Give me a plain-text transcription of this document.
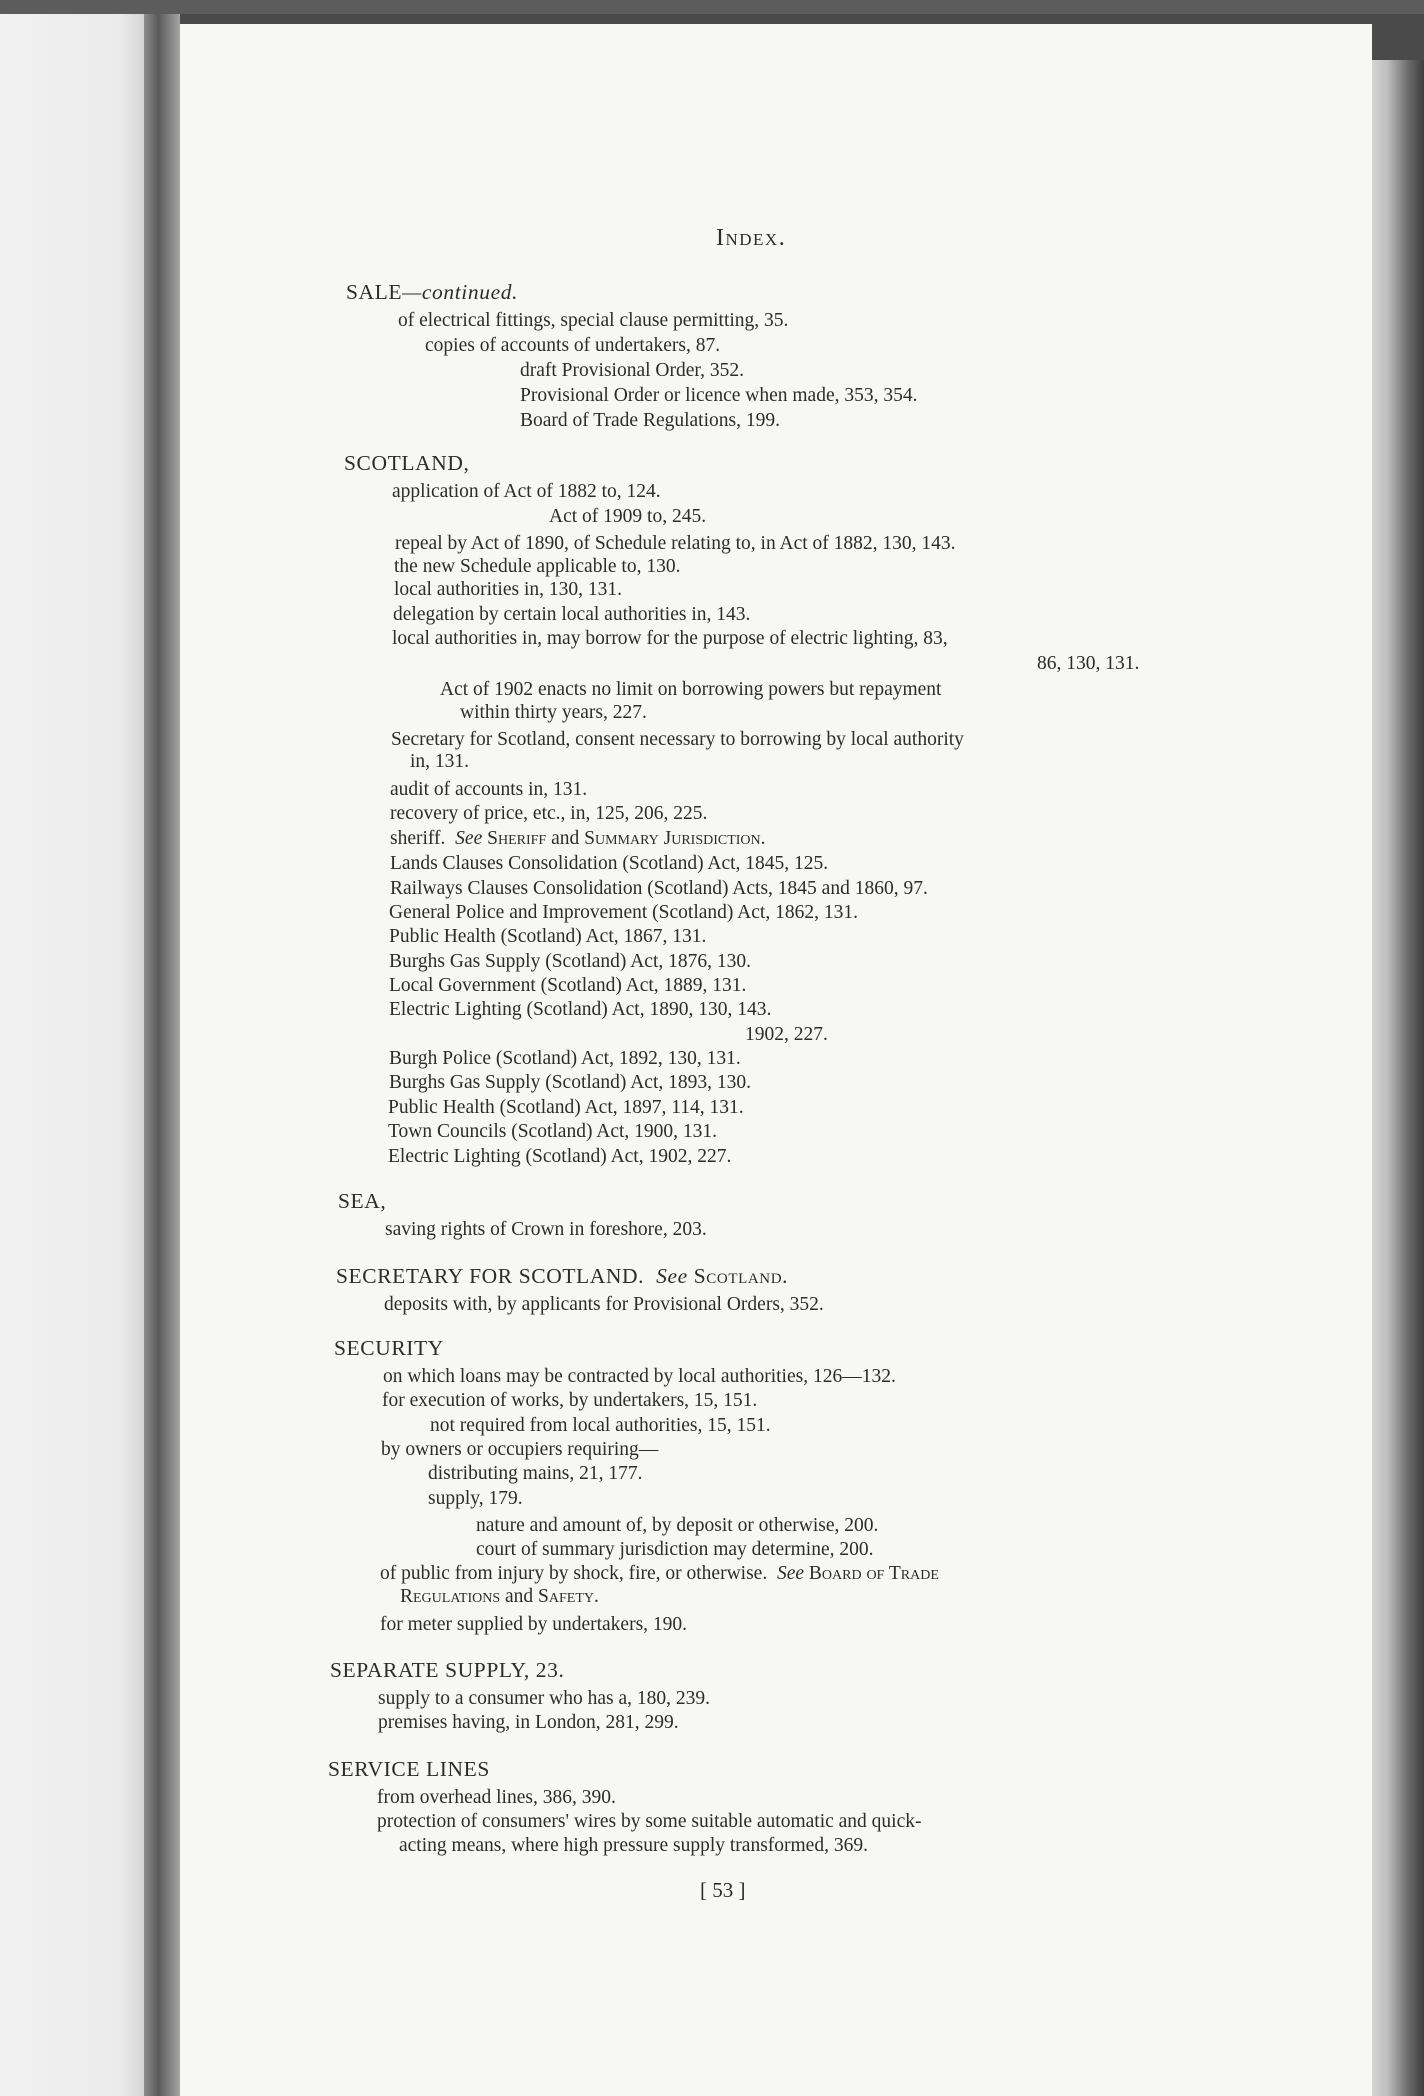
Index.

SALE—continued.

of electrical fittings, special clause permitting, 35.

copies of accounts of undertakers, 87.

draft Provisional Order, 352.

Provisional Order or licence when made, 353, 354.

Board of Trade Regulations, 199.

SCOTLAND,

application of Act of 1882 to, 124.

Act of 1909 to, 245.

repeal by Act of 1890, of Schedule relating to, in Act of 1882, 130, 143.

the new Schedule applicable to, 130.

local authorities in, 130, 131.

delegation by certain local authorities in, 143.

local authorities in, may borrow for the purpose of electric lighting, 83,

86, 130, 131.

Act of 1902 enacts no limit on borrowing powers but repayment

within thirty years, 227.

Secretary for Scotland, consent necessary to borrowing by local authority

in, 131.

audit of accounts in, 131.

recovery of price, etc., in, 125, 206, 225.

sheriff. See Sheriff and Summary Jurisdiction.

Lands Clauses Consolidation (Scotland) Act, 1845, 125.

Railways Clauses Consolidation (Scotland) Acts, 1845 and 1860, 97.

General Police and Improvement (Scotland) Act, 1862, 131.

Public Health (Scotland) Act, 1867, 131.

Burghs Gas Supply (Scotland) Act, 1876, 130.

Local Government (Scotland) Act, 1889, 131.

Electric Lighting (Scotland) Act, 1890, 130, 143.

1902, 227.

Burgh Police (Scotland) Act, 1892, 130, 131.

Burghs Gas Supply (Scotland) Act, 1893, 130.

Public Health (Scotland) Act, 1897, 114, 131.

Town Councils (Scotland) Act, 1900, 131.

Electric Lighting (Scotland) Act, 1902, 227.

SEA,

saving rights of Crown in foreshore, 203.

SECRETARY FOR SCOTLAND. See Scotland.

deposits with, by applicants for Provisional Orders, 352.

SECURITY

on which loans may be contracted by local authorities, 126—132.

for execution of works, by undertakers, 15, 151.

not required from local authorities, 15, 151.

by owners or occupiers requiring—

distributing mains, 21, 177.

supply, 179.

nature and amount of, by deposit or otherwise, 200.

court of summary jurisdiction may determine, 200.

of public from injury by shock, fire, or otherwise. See Board of Trade

Regulations and Safety.

for meter supplied by undertakers, 190.

SEPARATE SUPPLY, 23.

supply to a consumer who has a, 180, 239.

premises having, in London, 281, 299.

SERVICE LINES

from overhead lines, 386, 390.

protection of consumers' wires by some suitable automatic and quick-

acting means, where high pressure supply transformed, 369.

[ 53 ]
